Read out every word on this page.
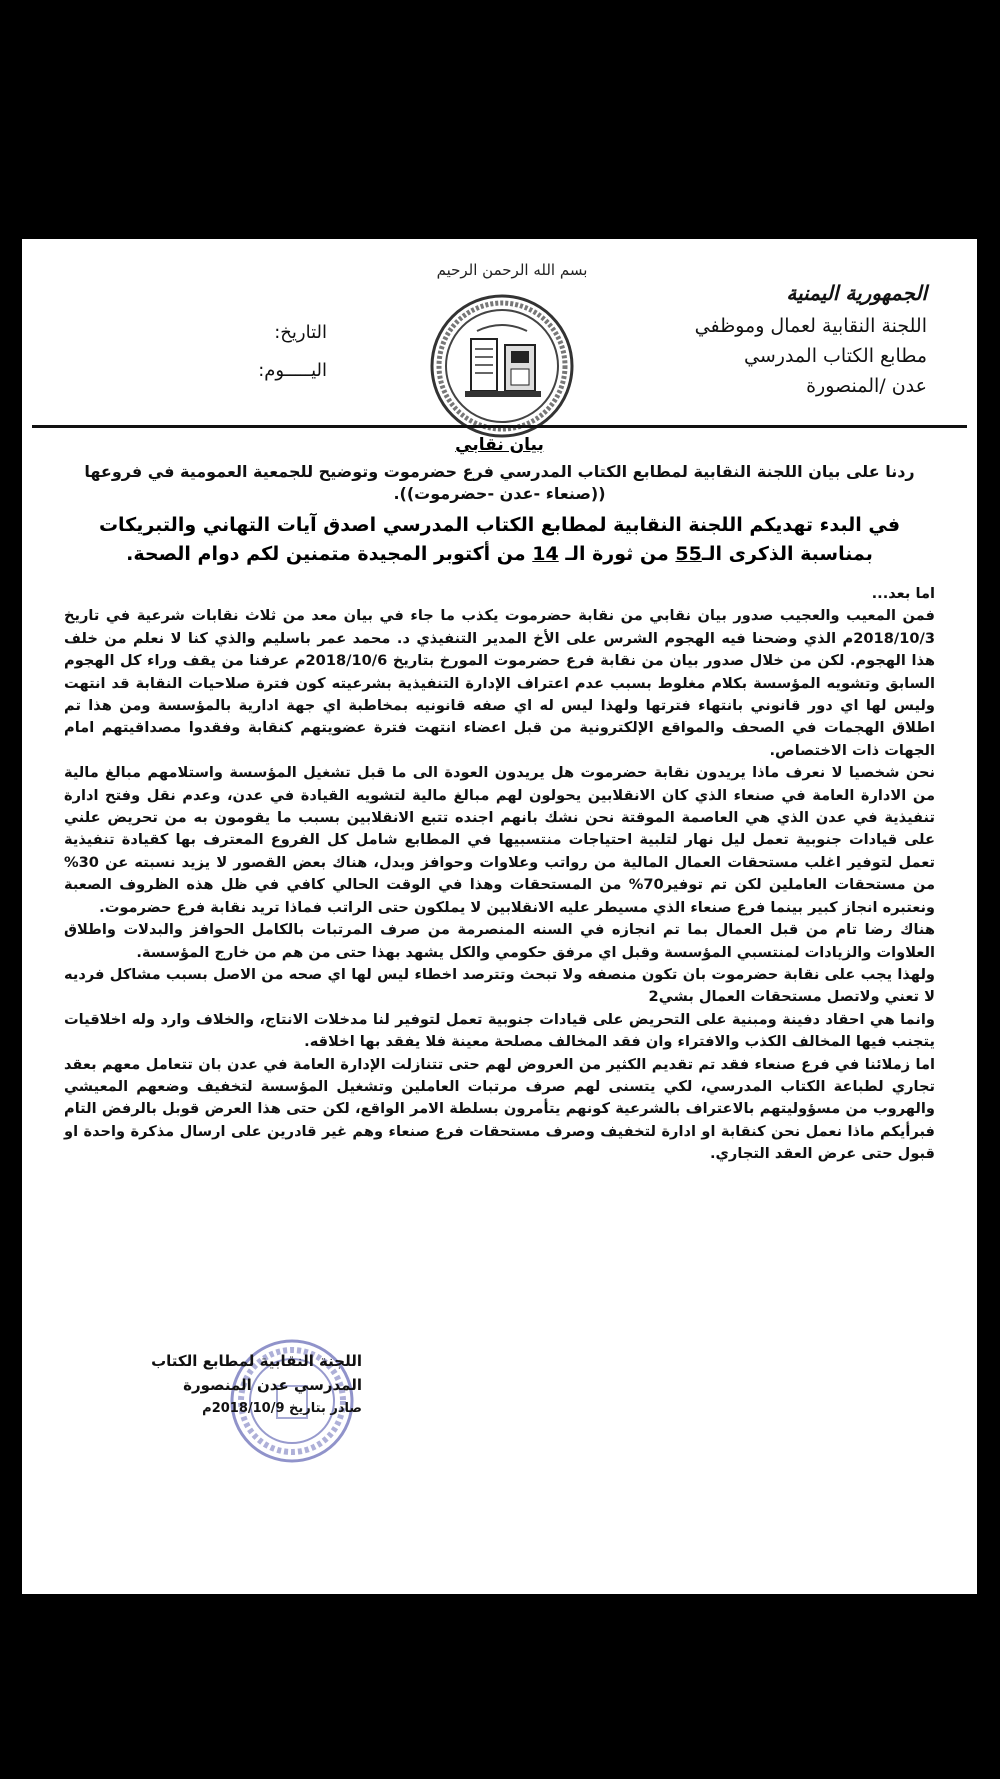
بسم الله الرحمن الرحيم
الجمهورية اليمنية
اللجنة النقابية لعمال وموظفي
مطابع الكتاب المدرسي
عدن /المنصورة
التاريخ:
اليـــــوم:
بيان نقابي
ردنا على بيان اللجنة النقابية لمطابع الكتاب المدرسي فرع حضرموت وتوضيح للجمعية العمومية في فروعها
((صنعاء -عدن -حضرموت)).
في البدء تهديكم اللجنة النقابية لمطابع الكتاب المدرسي اصدق آيات التهاني والتبريكات
بمناسبة الذكرى الـ55 من ثورة الـ 14 من أكتوبر المجيدة متمنين لكم دوام الصحة.

اما بعد...

فمن المعيب والعجيب صدور بيان نقابي من نقابة حضرموت يكذب ما جاء في بيان معد من ثلاث نقابات شرعية في تاريخ 2018/10/3م الذي وضحنا فيه الهجوم الشرس على الأخ المدير التنفيذي د. محمد عمر باسليم والذي كنا لا نعلم من خلف هذا الهجوم. لكن من خلال صدور بيان من نقابة فرع حضرموت المورخ بتاريخ 2018/10/6م عرفنا من يقف وراء كل الهجوم السابق وتشويه المؤسسة بكلام مغلوط بسبب عدم اعتراف الإدارة التنفيذية بشرعيته كون فترة صلاحيات النقابة قد انتهت وليس لها اي دور قانوني بانتهاء فترتها ولهذا ليس له اي صفه قانونيه بمخاطبة اي جهة ادارية بالمؤسسة ومن هذا تم اطلاق الهجمات في الصحف والمواقع الإلكترونية من قبل اعضاء انتهت فترة عضويتهم كنقابة وفقدوا مصداقيتهم امام الجهات ذات الاختصاص.

نحن شخصيا لا نعرف ماذا يريدون نقابة حضرموت هل يريدون العودة الى ما قبل تشغيل المؤسسة واستلامهم مبالغ مالية من الادارة العامة في صنعاء الذي كان الانقلابين يحولون لهم مبالغ مالية لتشويه القيادة في عدن، وعدم نقل وفتح ادارة تنفيذية في عدن الذي هي العاصمة الموقتة نحن نشك بانهم اجنده تتبع الانقلابين بسبب ما يقومون به من تحريض علني على قيادات جنوبية تعمل ليل نهار لتلبية احتياجات منتسبيها في المطابع شامل كل الفروع المعترف بها كقيادة تنفيذية تعمل لتوفير اغلب مستحقات العمال المالية من رواتب وعلاوات وحوافز وبدل، هناك بعض القصور لا يزيد نسبته عن 30% من مستحقات العاملين لكن تم توفير70% من المستحقات وهذا في الوقت الحالي كافي في ظل هذه الظروف الصعبة ونعتبره انجاز كبير بينما فرع صنعاء الذي مسيطر عليه الانقلابين لا يملكون حتى الراتب فماذا تريد نقابة فرع حضرموت.

هناك رضا تام من قبل العمال بما تم انجازه في السنه المنصرمة من صرف المرتبات بالكامل الحوافز والبدلات واطلاق العلاوات والزيادات لمنتسبي المؤسسة وقبل اي مرفق حكومي والكل يشهد بهذا حتى من هم من خارج المؤسسة.

ولهذا يجب على نقابة حضرموت بان تكون منصفه ولا تبحث وتترصد اخطاء ليس لها اي صحه من الاصل بسبب مشاكل فرديه لا تعني ولاتصل مستحقات العمال بشي2

وانما هي احقاد دفينة ومبنية على التحريض على قيادات جنوبية تعمل لتوفير لنا مدخلات الانتاج، والخلاف وارد وله اخلاقيات يتجنب فيها المخالف الكذب والافتراء وان فقد المخالف مصلحة معينة فلا يفقد بها اخلاقه.

اما زملائنا في فرع صنعاء فقد تم تقديم الكثير من العروض لهم حتى تتنازلت الإدارة العامة في عدن بان تتعامل معهم بعقد تجاري لطباعة الكتاب المدرسي، لكي يتسنى لهم صرف مرتبات العاملين وتشغيل المؤسسة لتخفيف وضعهم المعيشي والهروب من مسؤوليتهم بالاعتراف بالشرعية كونهم يتأمرون بسلطة الامر الواقع، لكن حتى هذا العرض قوبل بالرفض التام فبرأيكم ماذا نعمل نحن كنقابة او ادارة لتخفيف وصرف مستحقات فرع صنعاء وهم غير قادرين على ارسال مذكرة واحدة او قبول حتى عرض العقد التجاري.

اللجنة النقابية لمطابع الكتاب
المدرسي عدن المنصورة
صادر بتاريخ 2018/10/9م
